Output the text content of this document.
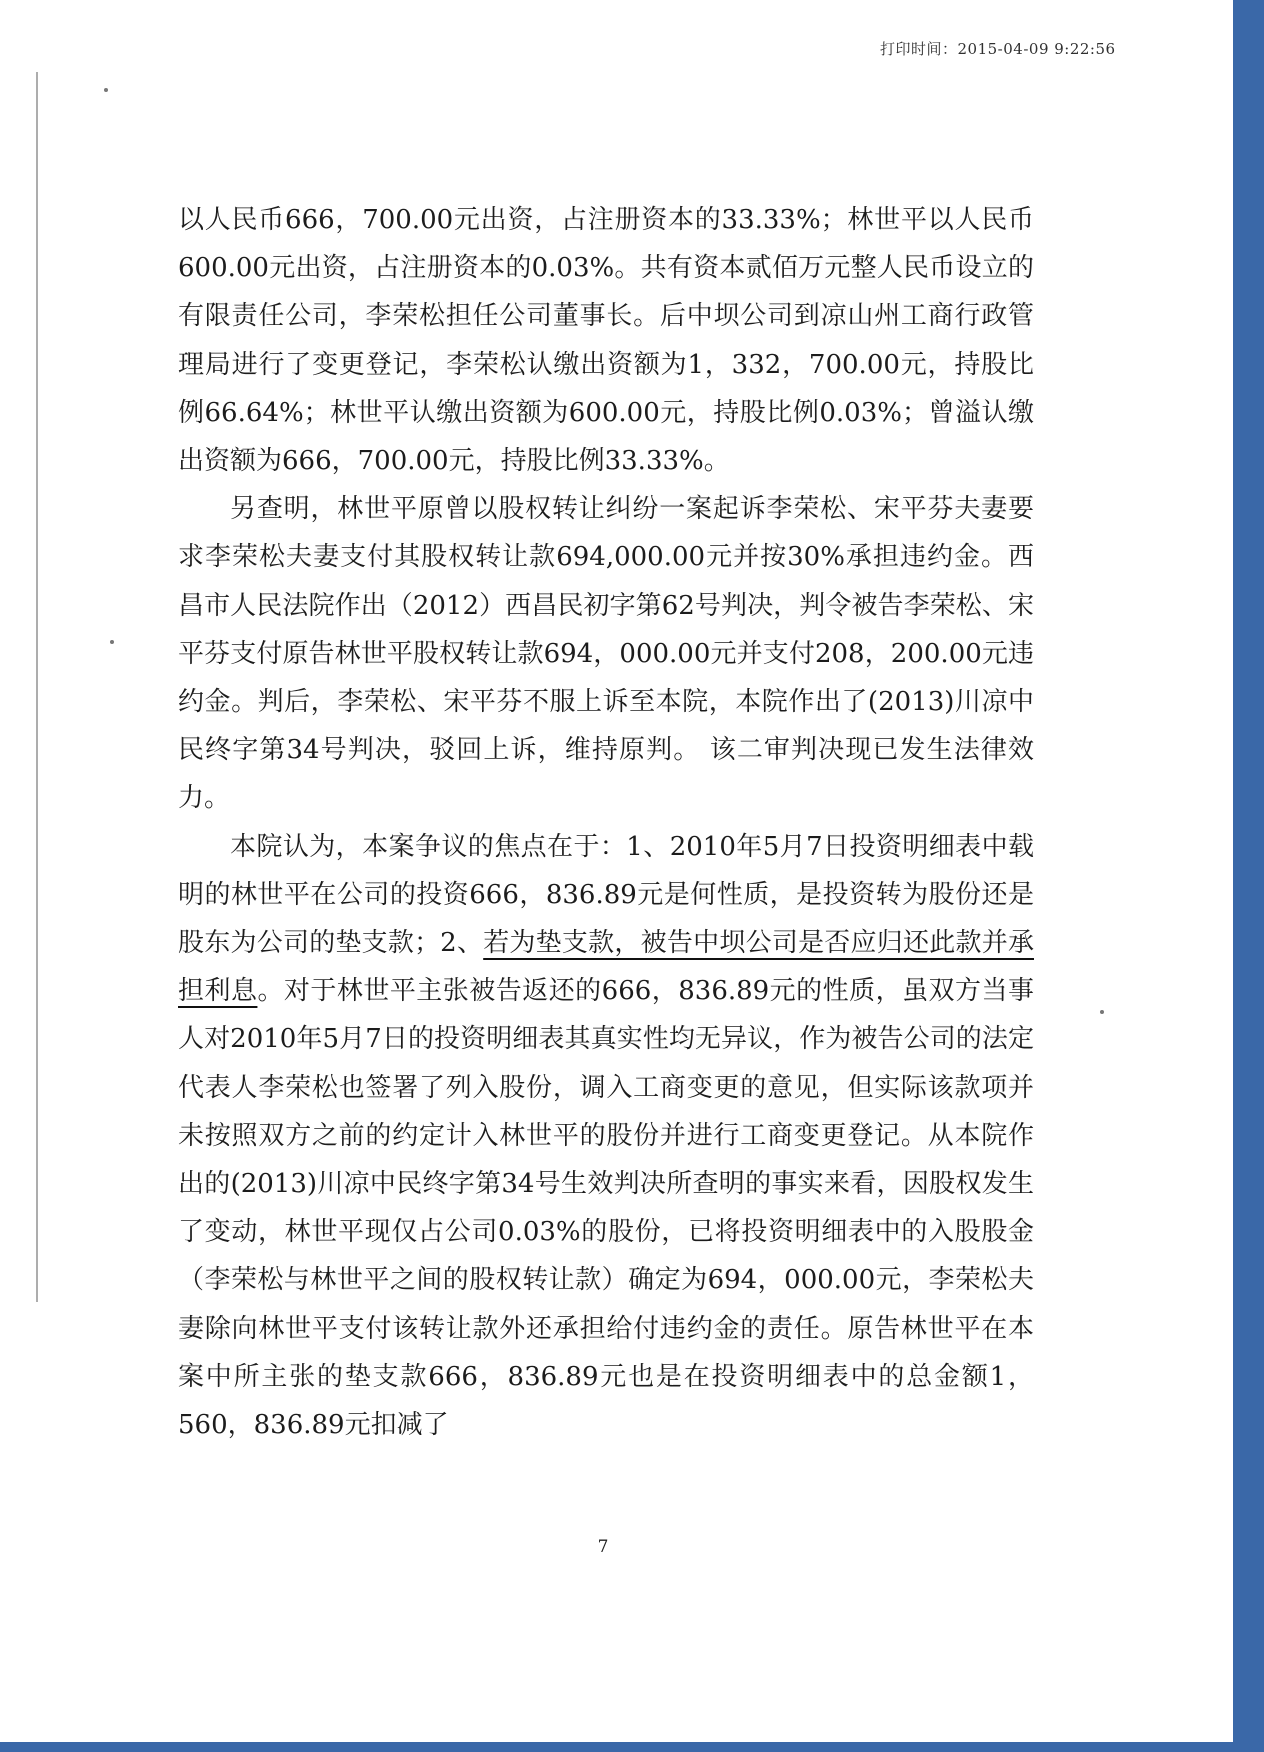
打印时间：2015-04-09 9:22:56

以人民币666，700.00元出资，占注册资本的33.33%；林世平以人民币600.00元出资，占注册资本的0.03%。共有资本贰佰万元整人民币设立的有限责任公司，李荣松担任公司董事长。后中坝公司到凉山州工商行政管理局进行了变更登记，李荣松认缴出资额为1，332，700.00元，持股比例66.64%；林世平认缴出资额为600.00元，持股比例0.03%；曾溢认缴出资额为666，700.00元，持股比例33.33%。

另查明，林世平原曾以股权转让纠纷一案起诉李荣松、宋平芬夫妻要求李荣松夫妻支付其股权转让款694,000.00元并按30%承担违约金。西昌市人民法院作出（2012）西昌民初字第62号判决，判令被告李荣松、宋平芬支付原告林世平股权转让款694，000.00元并支付208，200.00元违约金。判后，李荣松、宋平芬不服上诉至本院，本院作出了(2013)川凉中民终字第34号判决，驳回上诉，维持原判。 该二审判决现已发生法律效力。

本院认为，本案争议的焦点在于：1、2010年5月7日投资明细表中载明的林世平在公司的投资666，836.89元是何性质，是投资转为股份还是股东为公司的垫支款；2、若为垫支款，被告中坝公司是否应归还此款并承担利息。对于林世平主张被告返还的666，836.89元的性质，虽双方当事人对2010年5月7日的投资明细表其真实性均无异议，作为被告公司的法定代表人李荣松也签署了列入股份，调入工商变更的意见，但实际该款项并未按照双方之前的约定计入林世平的股份并进行工商变更登记。从本院作出的(2013)川凉中民终字第34号生效判决所查明的事实来看，因股权发生了变动，林世平现仅占公司0.03%的股份，已将投资明细表中的入股股金（李荣松与林世平之间的股权转让款）确定为694，000.00元，李荣松夫妻除向林世平支付该转让款外还承担给付违约金的责任。原告林世平在本案中所主张的垫支款666，836.89元也是在投资明细表中的总金额1，560，836.89元扣减了

7
